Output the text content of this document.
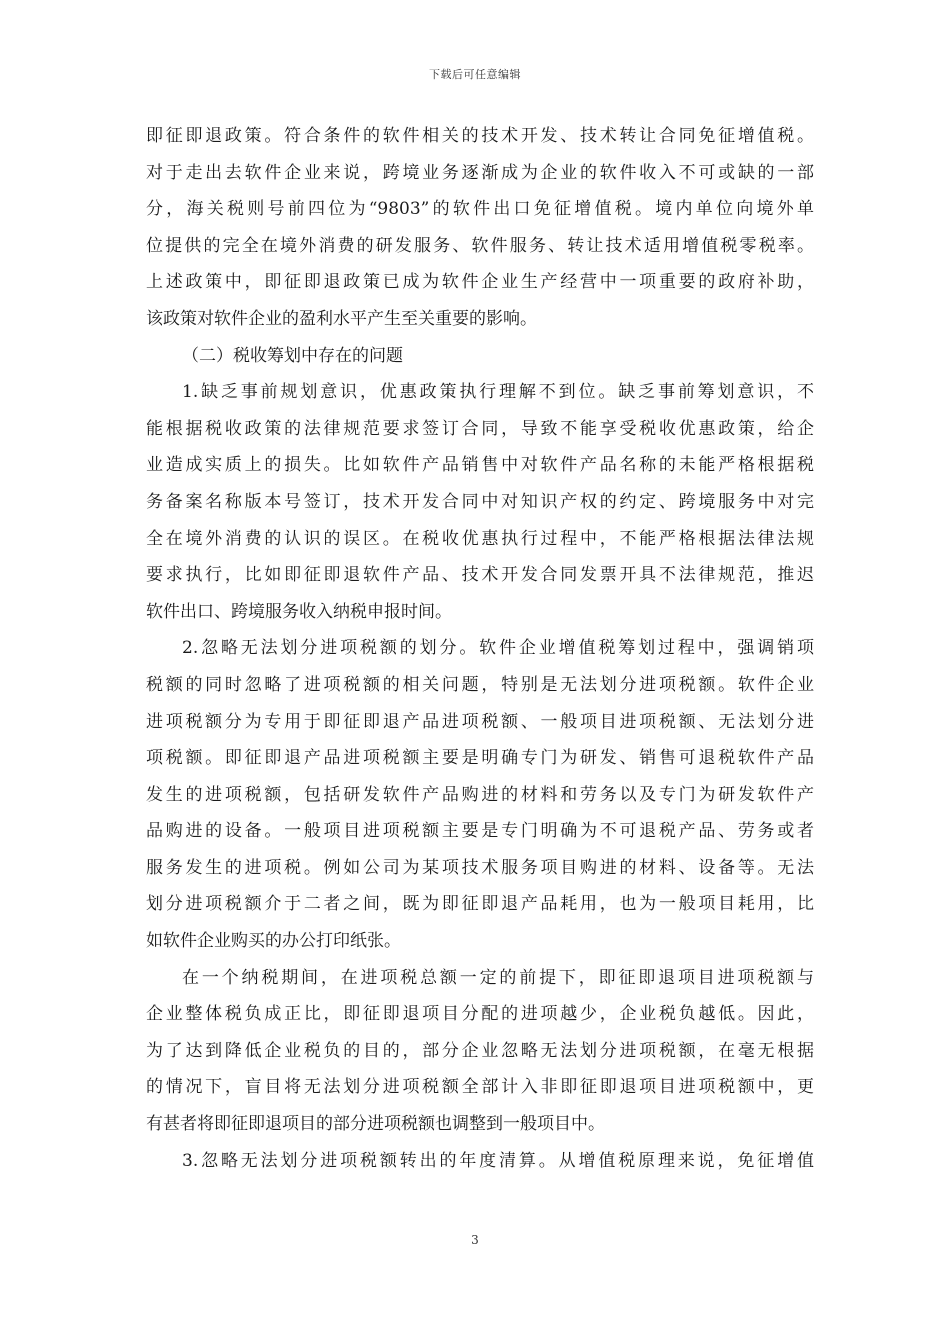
下载后可任意编辑
即征即退政策。符合条件的软件相关的技术开发、技术转让合同免征增值税。
对于走出去软件企业来说，跨境业务逐渐成为企业的软件收入不可或缺的一部
分，海关税则号前四位为“9803”的软件出口免征增值税。境内单位向境外单
位提供的完全在境外消费的研发服务、软件服务、转让技术适用增值税零税率。
上述政策中，即征即退政策已成为软件企业生产经营中一项重要的政府补助，
该政策对软件企业的盈利水平产生至关重要的影响。
（二）税收筹划中存在的问题
1.缺乏事前规划意识，优惠政策执行理解不到位。缺乏事前筹划意识，不
能根据税收政策的法律规范要求签订合同，导致不能享受税收优惠政策，给企
业造成实质上的损失。比如软件产品销售中对软件产品名称的未能严格根据税
务备案名称版本号签订，技术开发合同中对知识产权的约定、跨境服务中对完
全在境外消费的认识的误区。在税收优惠执行过程中，不能严格根据法律法规
要求执行，比如即征即退软件产品、技术开发合同发票开具不法律规范，推迟
软件出口、跨境服务收入纳税申报时间。
2.忽略无法划分进项税额的划分。软件企业增值税筹划过程中，强调销项
税额的同时忽略了进项税额的相关问题，特别是无法划分进项税额。软件企业
进项税额分为专用于即征即退产品进项税额、一般项目进项税额、无法划分进
项税额。即征即退产品进项税额主要是明确专门为研发、销售可退税软件产品
发生的进项税额，包括研发软件产品购进的材料和劳务以及专门为研发软件产
品购进的设备。一般项目进项税额主要是专门明确为不可退税产品、劳务或者
服务发生的进项税。例如公司为某项技术服务项目购进的材料、设备等。无法
划分进项税额介于二者之间，既为即征即退产品耗用，也为一般项目耗用，比
如软件企业购买的办公打印纸张。
在一个纳税期间，在进项税总额一定的前提下，即征即退项目进项税额与
企业整体税负成正比，即征即退项目分配的进项越少，企业税负越低。因此，
为了达到降低企业税负的目的，部分企业忽略无法划分进项税额，在毫无根据
的情况下，盲目将无法划分进项税额全部计入非即征即退项目进项税额中，更
有甚者将即征即退项目的部分进项税额也调整到一般项目中。
3.忽略无法划分进项税额转出的年度清算。从增值税原理来说，免征增值
3
